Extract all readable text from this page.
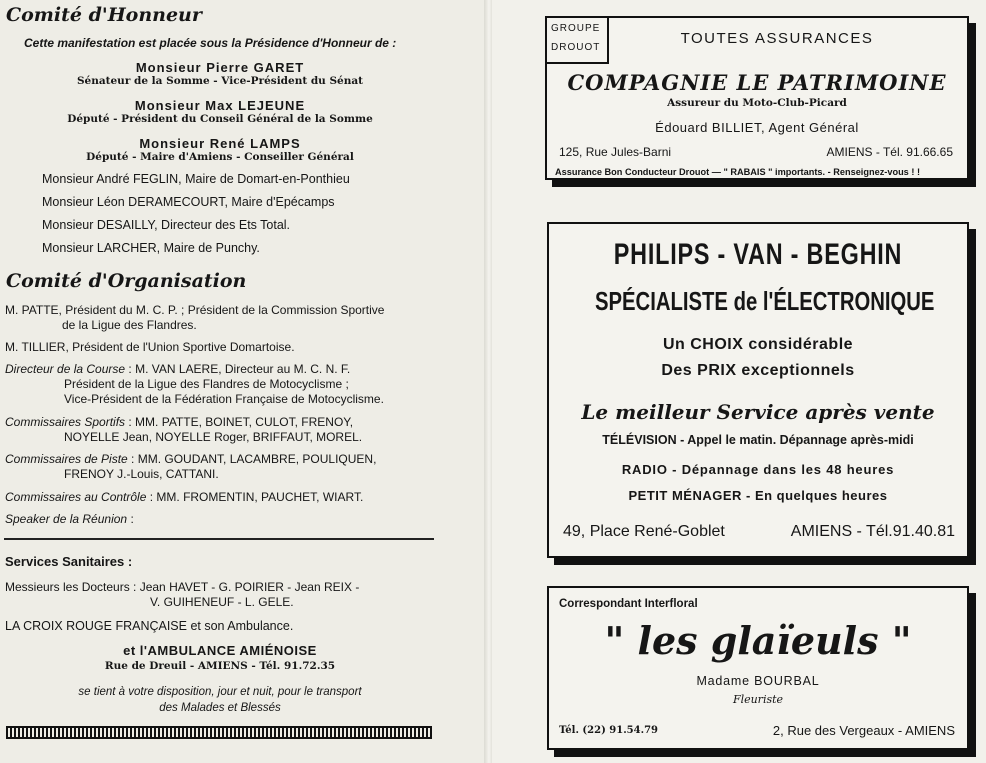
Comité d'Honneur
Cette manifestation est placée sous la Présidence d'Honneur de :
Monsieur Pierre GARET
Sénateur de la Somme - Vice-Président du Sénat
Monsieur Max LEJEUNE
Député - Président du Conseil Général de la Somme
Monsieur René LAMPS
Député - Maire d'Amiens - Conseiller Général
Monsieur André FEGLIN, Maire de Domart-en-Ponthieu
Monsieur Léon DERAMECOURT, Maire d'Epécamps
Monsieur DESAILLY, Directeur des Ets Total.
Monsieur LARCHER, Maire de Punchy.
Comité d'Organisation
M. PATTE, Président du M. C. P. ; Président de la Commission Sportive
de la Ligue des Flandres.
M. TILLIER, Président de l'Union Sportive Domartoise.
Directeur de la Course : M. VAN LAERE, Directeur au M. C. N. F.
Président de la Ligue des Flandres de Motocyclisme ;
Vice-Président de la Fédération Française de Motocyclisme.
Commissaires Sportifs : MM. PATTE, BOINET, CULOT, FRENOY,
NOYELLE Jean, NOYELLE Roger, BRIFFAUT, MOREL.
Commissaires de Piste : MM. GOUDANT, LACAMBRE, POULIQUEN,
FRENOY J.-Louis, CATTANI.
Commissaires au Contrôle : MM. FROMENTIN, PAUCHET, WIART.
Speaker de la Réunion :
Services Sanitaires :
Messieurs les Docteurs : Jean HAVET - G. POIRIER - Jean REIX -
V. GUIHENEUF - L. GELE.
LA CROIX ROUGE FRANÇAISE et son Ambulance.
et l'AMBULANCE AMIÉNOISE
Rue de Dreuil - AMIENS - Tél. 91.72.35
se tient à votre disposition, jour et nuit, pour le transport
des Malades et Blessés
GROUPE
DROUOT
TOUTES ASSURANCES
COMPAGNIE LE PATRIMOINE
Assureur du Moto-Club-Picard
Édouard BILLIET, Agent Général
125, Rue Jules-Barni	AMIENS - Tél. 91.66.65
Assurance Bon Conducteur Drouot — " RABAIS " importants. - Renseignez-vous ! !
PHILIPS - VAN - BEGHIN
SPÉCIALISTE de l'ÉLECTRONIQUE
Un CHOIX considérable
Des PRIX exceptionnels
Le meilleur Service après vente
TÉLÉVISION - Appel le matin. Dépannage après-midi
RADIO - Dépannage dans les 48 heures
PETIT MÉNAGER - En quelques heures
49, Place René-Goblet	AMIENS - Tél.91.40.81
Correspondant Interfloral
" les glaïeuls "
Madame BOURBAL
Fleuriste
Tél. (22) 91.54.79	2, Rue des Vergeaux - AMIENS
